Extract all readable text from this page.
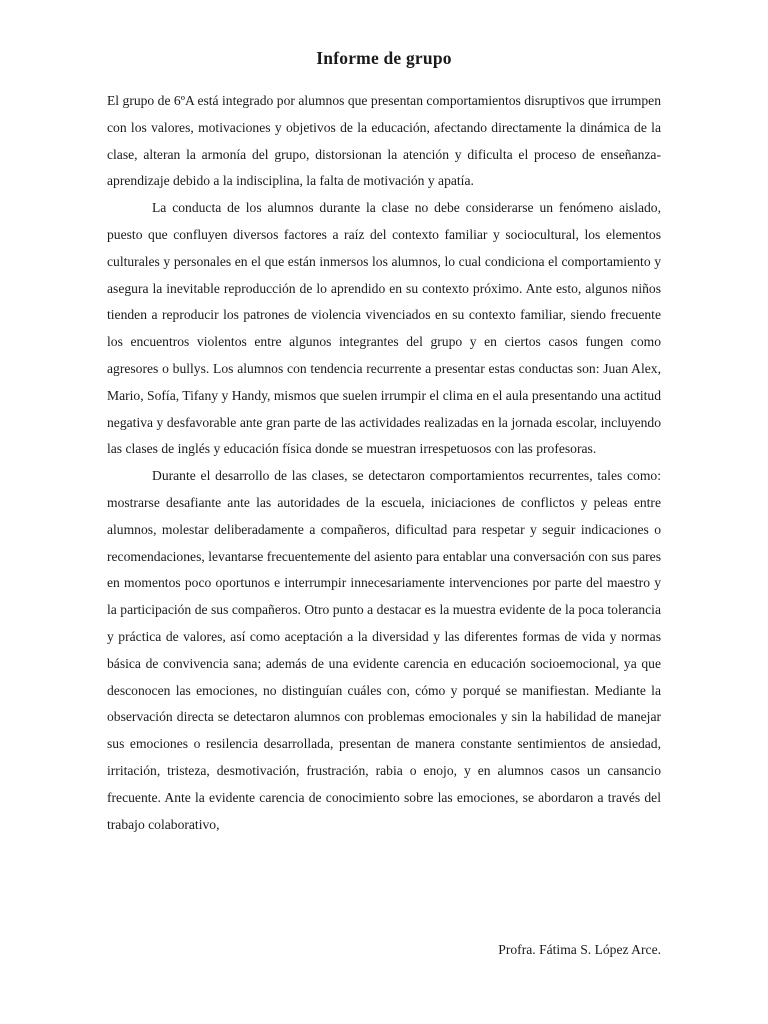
Informe de grupo

El grupo de 6ºA está integrado por alumnos que presentan comportamientos disruptivos que irrumpen con los valores, motivaciones y objetivos de la educación, afectando directamente la dinámica de la clase, alteran la armonía del grupo, distorsionan la atención y dificulta el proceso de enseñanza-aprendizaje debido a la indisciplina, la falta de motivación y apatía.

La conducta de los alumnos durante la clase no debe considerarse un fenómeno aislado, puesto que confluyen diversos factores a raíz del contexto familiar y sociocultural, los elementos culturales y personales en el que están inmersos los alumnos, lo cual condiciona el comportamiento y asegura la inevitable reproducción de lo aprendido en su contexto próximo. Ante esto, algunos niños tienden a reproducir los patrones de violencia vivenciados en su contexto familiar, siendo frecuente los encuentros violentos entre algunos integrantes del grupo y en ciertos casos fungen como agresores o bullys. Los alumnos con tendencia recurrente a presentar estas conductas son: Juan Alex, Mario, Sofía, Tifany y Handy, mismos que suelen irrumpir el clima en el aula presentando una actitud negativa y desfavorable ante gran parte de las actividades realizadas en la jornada escolar, incluyendo las clases de inglés y educación física donde se muestran irrespetuosos con las profesoras.

Durante el desarrollo de las clases, se detectaron comportamientos recurrentes, tales como: mostrarse desafiante ante las autoridades de la escuela, iniciaciones de conflictos y peleas entre alumnos, molestar deliberadamente a compañeros, dificultad para respetar y seguir indicaciones o recomendaciones, levantarse frecuentemente del asiento para entablar una conversación con sus pares en momentos poco oportunos e interrumpir innecesariamente intervenciones por parte del maestro y la participación de sus compañeros. Otro punto a destacar es la muestra evidente de la poca tolerancia y práctica de valores, así como aceptación a la diversidad y las diferentes formas de vida y normas básica de convivencia sana; además de una evidente carencia en educación socioemocional, ya que desconocen las emociones, no distinguían cuáles con, cómo y porqué se manifiestan. Mediante la observación directa se detectaron alumnos con problemas emocionales y sin la habilidad de manejar sus emociones o resilencia desarrollada, presentan de manera constante sentimientos de ansiedad, irritación, tristeza, desmotivación, frustración, rabia o enojo, y en alumnos casos un cansancio frecuente. Ante la evidente carencia de conocimiento sobre las emociones, se abordaron a través del trabajo colaborativo,

Profra. Fátima S. López Arce.
